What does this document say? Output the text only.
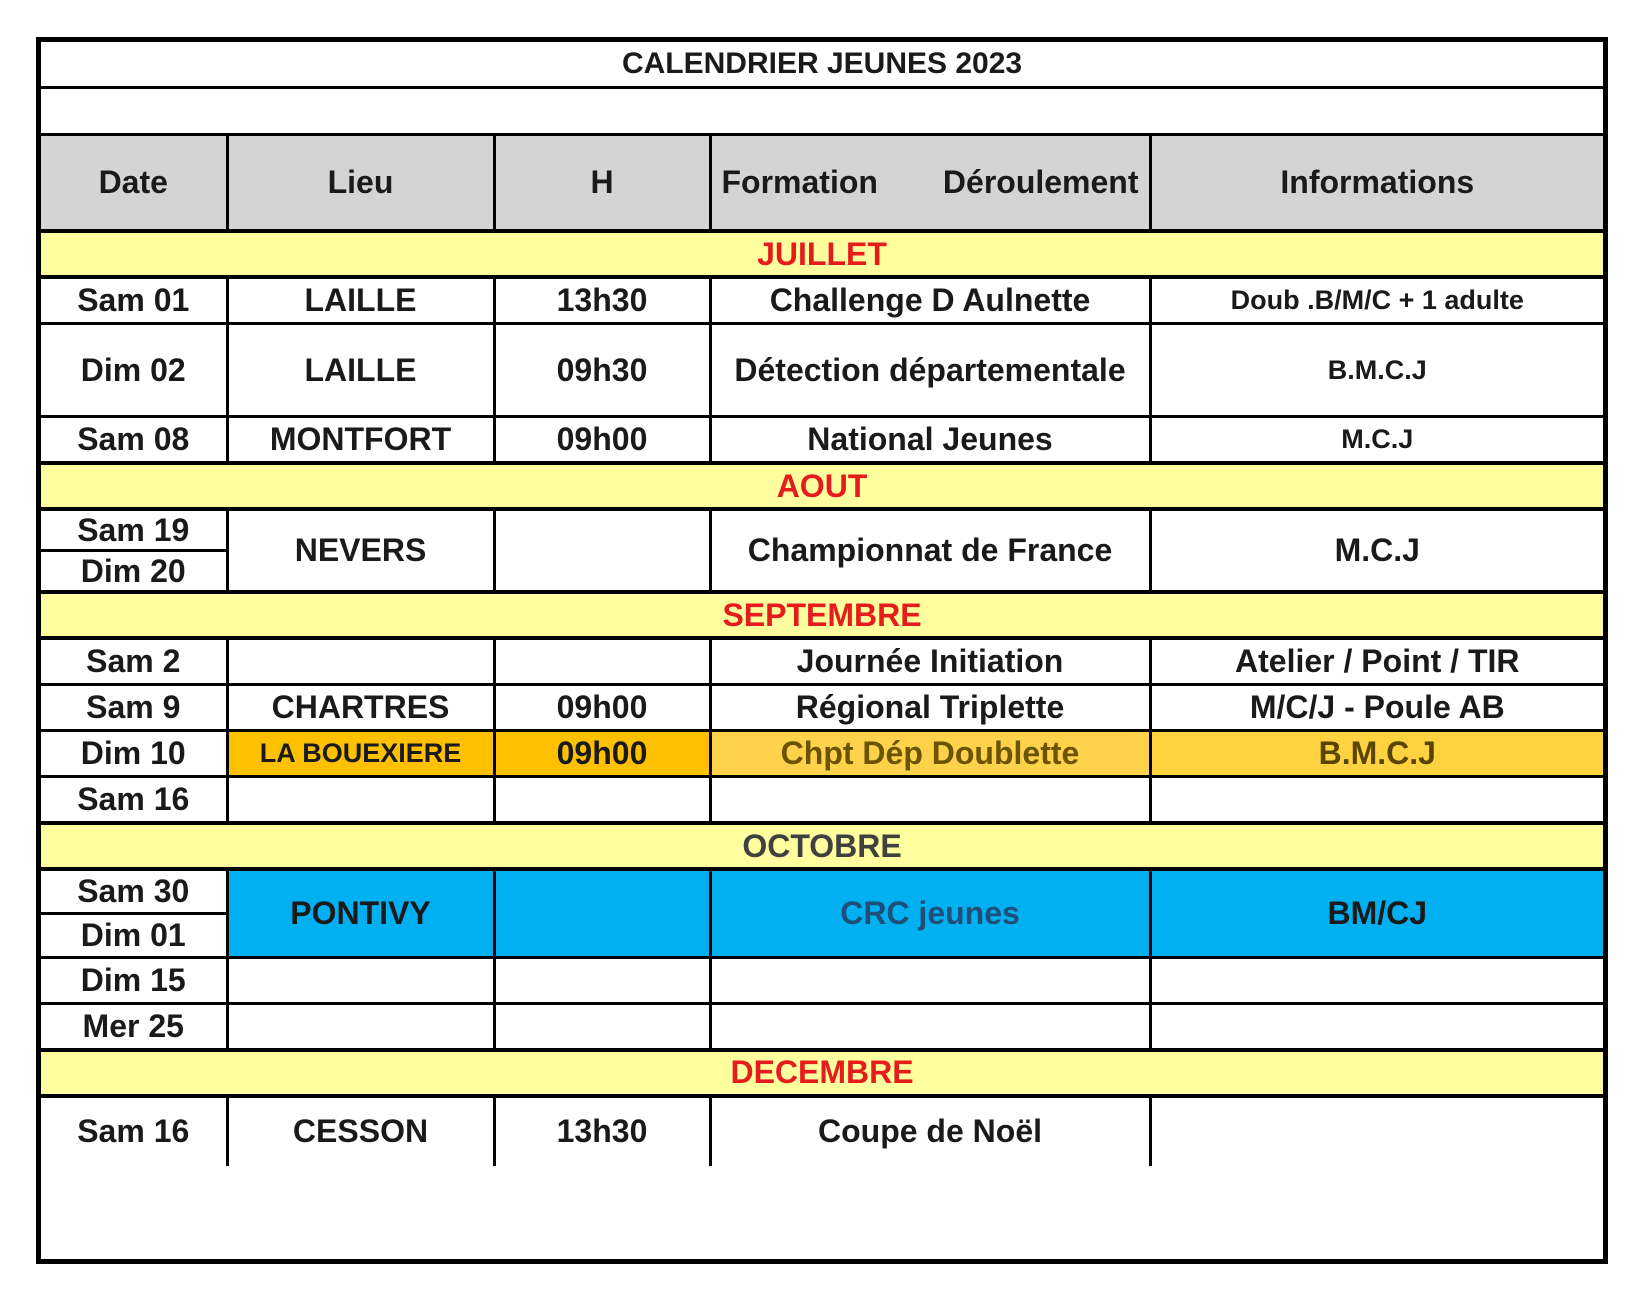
CALENDRIER JEUNES 2023				

Date	Lieu	H	Formation Déroulement	Informations
JUILLET				
Sam 01	LAILLE	13h30	Challenge D Aulnette	Doub .B/M/C + 1 adulte
Dim 02	LAILLE	09h30	Détection départementale	B.M.C.J
Sam 08	MONTFORT	09h00	National Jeunes	M.C.J
AOUT				

Sam 19
Dim 20	NEVERS		Championnat de France	M.C.J
SEPTEMBRE				
Sam 2			Journée Initiation	Atelier / Point / TIR
Sam 9	CHARTRES	09h00	Régional Triplette	M/C/J - Poule AB
Dim 10	LA BOUEXIERE	09h00	Chpt Dép Doublette	B.M.C.J
Sam 16				
OCTOBRE				
Sam 30	PONTIVY		CRC jeunes	BM/CJ
Dim 01				
Dim 15				
Mer 25				
DECEMBRE				
Sam 16	CESSON	13h30	Coupe de Noël	
